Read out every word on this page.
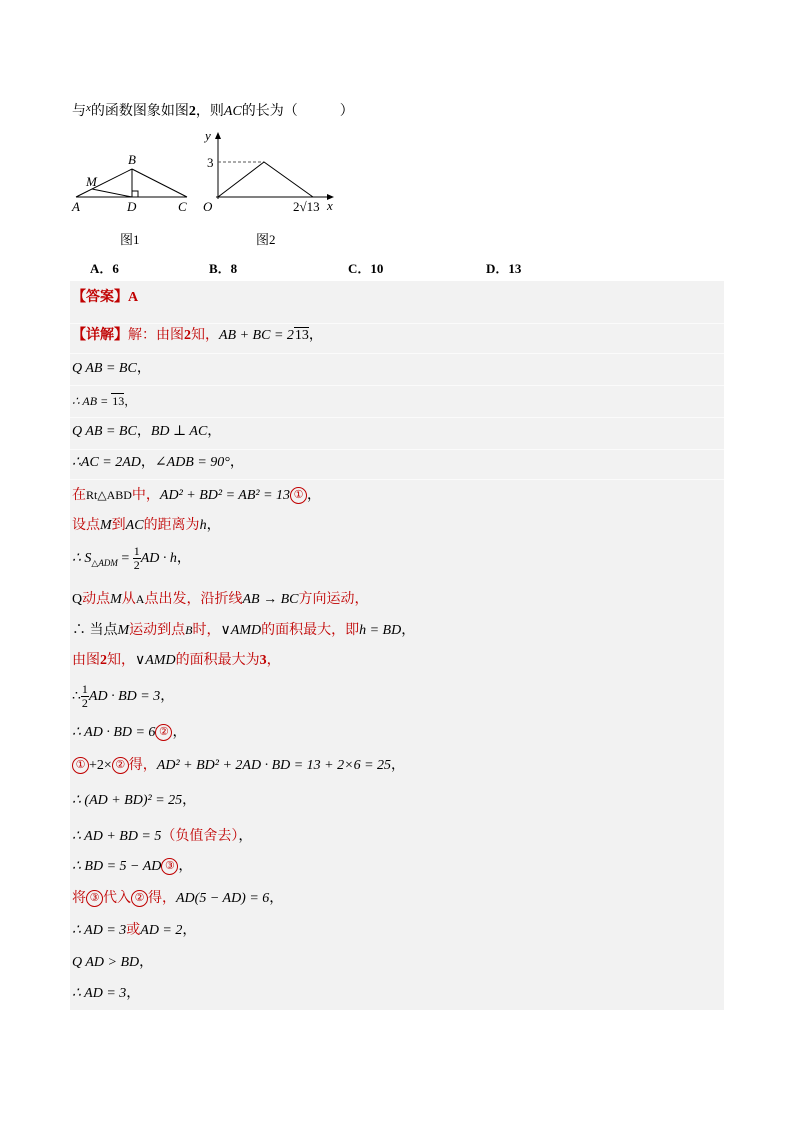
与$^x$的函数图象如图2，则AC的长为（　　　）
B
M
A	D	C
图1
y
3
O	2√13 x
图2
A．6	B．8	C．10	D．13
【答案】A
【详解】解：由图2知，AB + BC = 213，
Q AB = BC，
∴ AB = 13，
Q AB = BC，BD ⊥ AC，
∴AC = 2AD，∠ADB = 90°，
在Rt△ABD中，AD² + BD² = AB² = 13 ① ，
设点M到AC的距离为h，
∴ $S_{\triangle ADM} = \frac{1}{2}$ AD · h，
Q动点M从A点出发，沿折线AB → BC方向运动，
∴ 当点M运动到点B时，∨AMD的面积最大，即h = BD，
由图2知，∨AMD的面积最大为3，
∴ $\frac{1}{2}$ AD · BD = 3，
∴ AD · BD = 6 ② ，
① +2× ② 得，AD² + BD² + 2AD · BD = 13 + 2×6 = 25，
∴ (AD + BD)² = 25，
∴ AD + BD = 5（负值舍去），
∴ BD = 5 − AD ③ ，
将 ③ 代入 ② 得，AD(5 − AD) = 6，
∴ AD = 3或AD = 2，
Q AD > BD，
∴ AD = 3，
